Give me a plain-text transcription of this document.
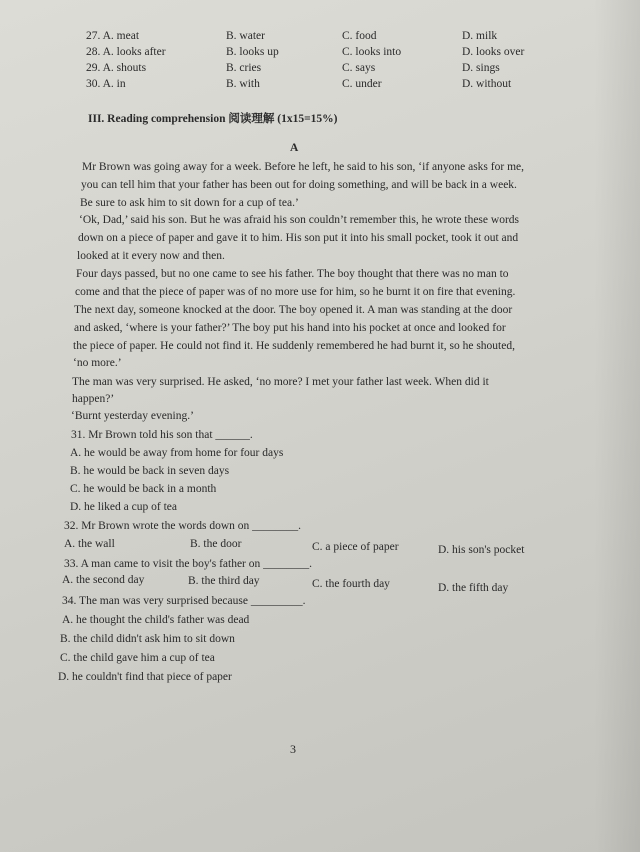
27. A. meat	B. water	C. food	D. milk
28. A. looks after	B. looks up	C. looks into	D. looks over
29. A. shouts	B. cries	C. says	D. sings
30. A. in	B. with	C. under	D. without
III. Reading comprehension 阅读理解 (1x15=15%)
A
Mr Brown was going away for a week. Before he left, he said to his son, ‘if anyone asks for me,
you can tell him that your father has been out for doing something, and will be back in a week.
Be sure to ask him to sit down for a cup of tea.’
‘Ok, Dad,’ said his son. But he was afraid his son couldn’t remember this, he wrote these words
down on a piece of paper and gave it to him. His son put it into his small pocket, took it out and
looked at it every now and then.
Four days passed, but no one came to see his father. The boy thought that there was no man to
come and that the piece of paper was of no more use for him, so he burnt it on fire that evening.
The next day, someone knocked at the door. The boy opened it. A man was standing at the door
and asked, ‘where is your father?’ The boy put his hand into his pocket at once and looked for
the piece of paper. He could not find it. He suddenly remembered he had burnt it, so he shouted,
‘no more.’
The man was very surprised. He asked, ‘no more? I met your father last week. When did it
happen?’
‘Burnt yesterday evening.’
31. Mr Brown told his son that ______.
A. he would be away from home for four days
B. he would be back in seven days
C. he would be back in a month
D. he liked a cup of tea
32. Mr Brown wrote the words down on ________.
A. the wall	B. the door	C. a piece of paper	D. his son's pocket
33. A man came to visit the boy's father on ________.
A. the second day	B. the third day	C. the fourth day	D. the fifth day
34. The man was very surprised because _________.
A. he thought the child's father was dead
B. the child didn't ask him to sit down
C. the child gave him a cup of tea
D. he couldn't find that piece of paper
3
